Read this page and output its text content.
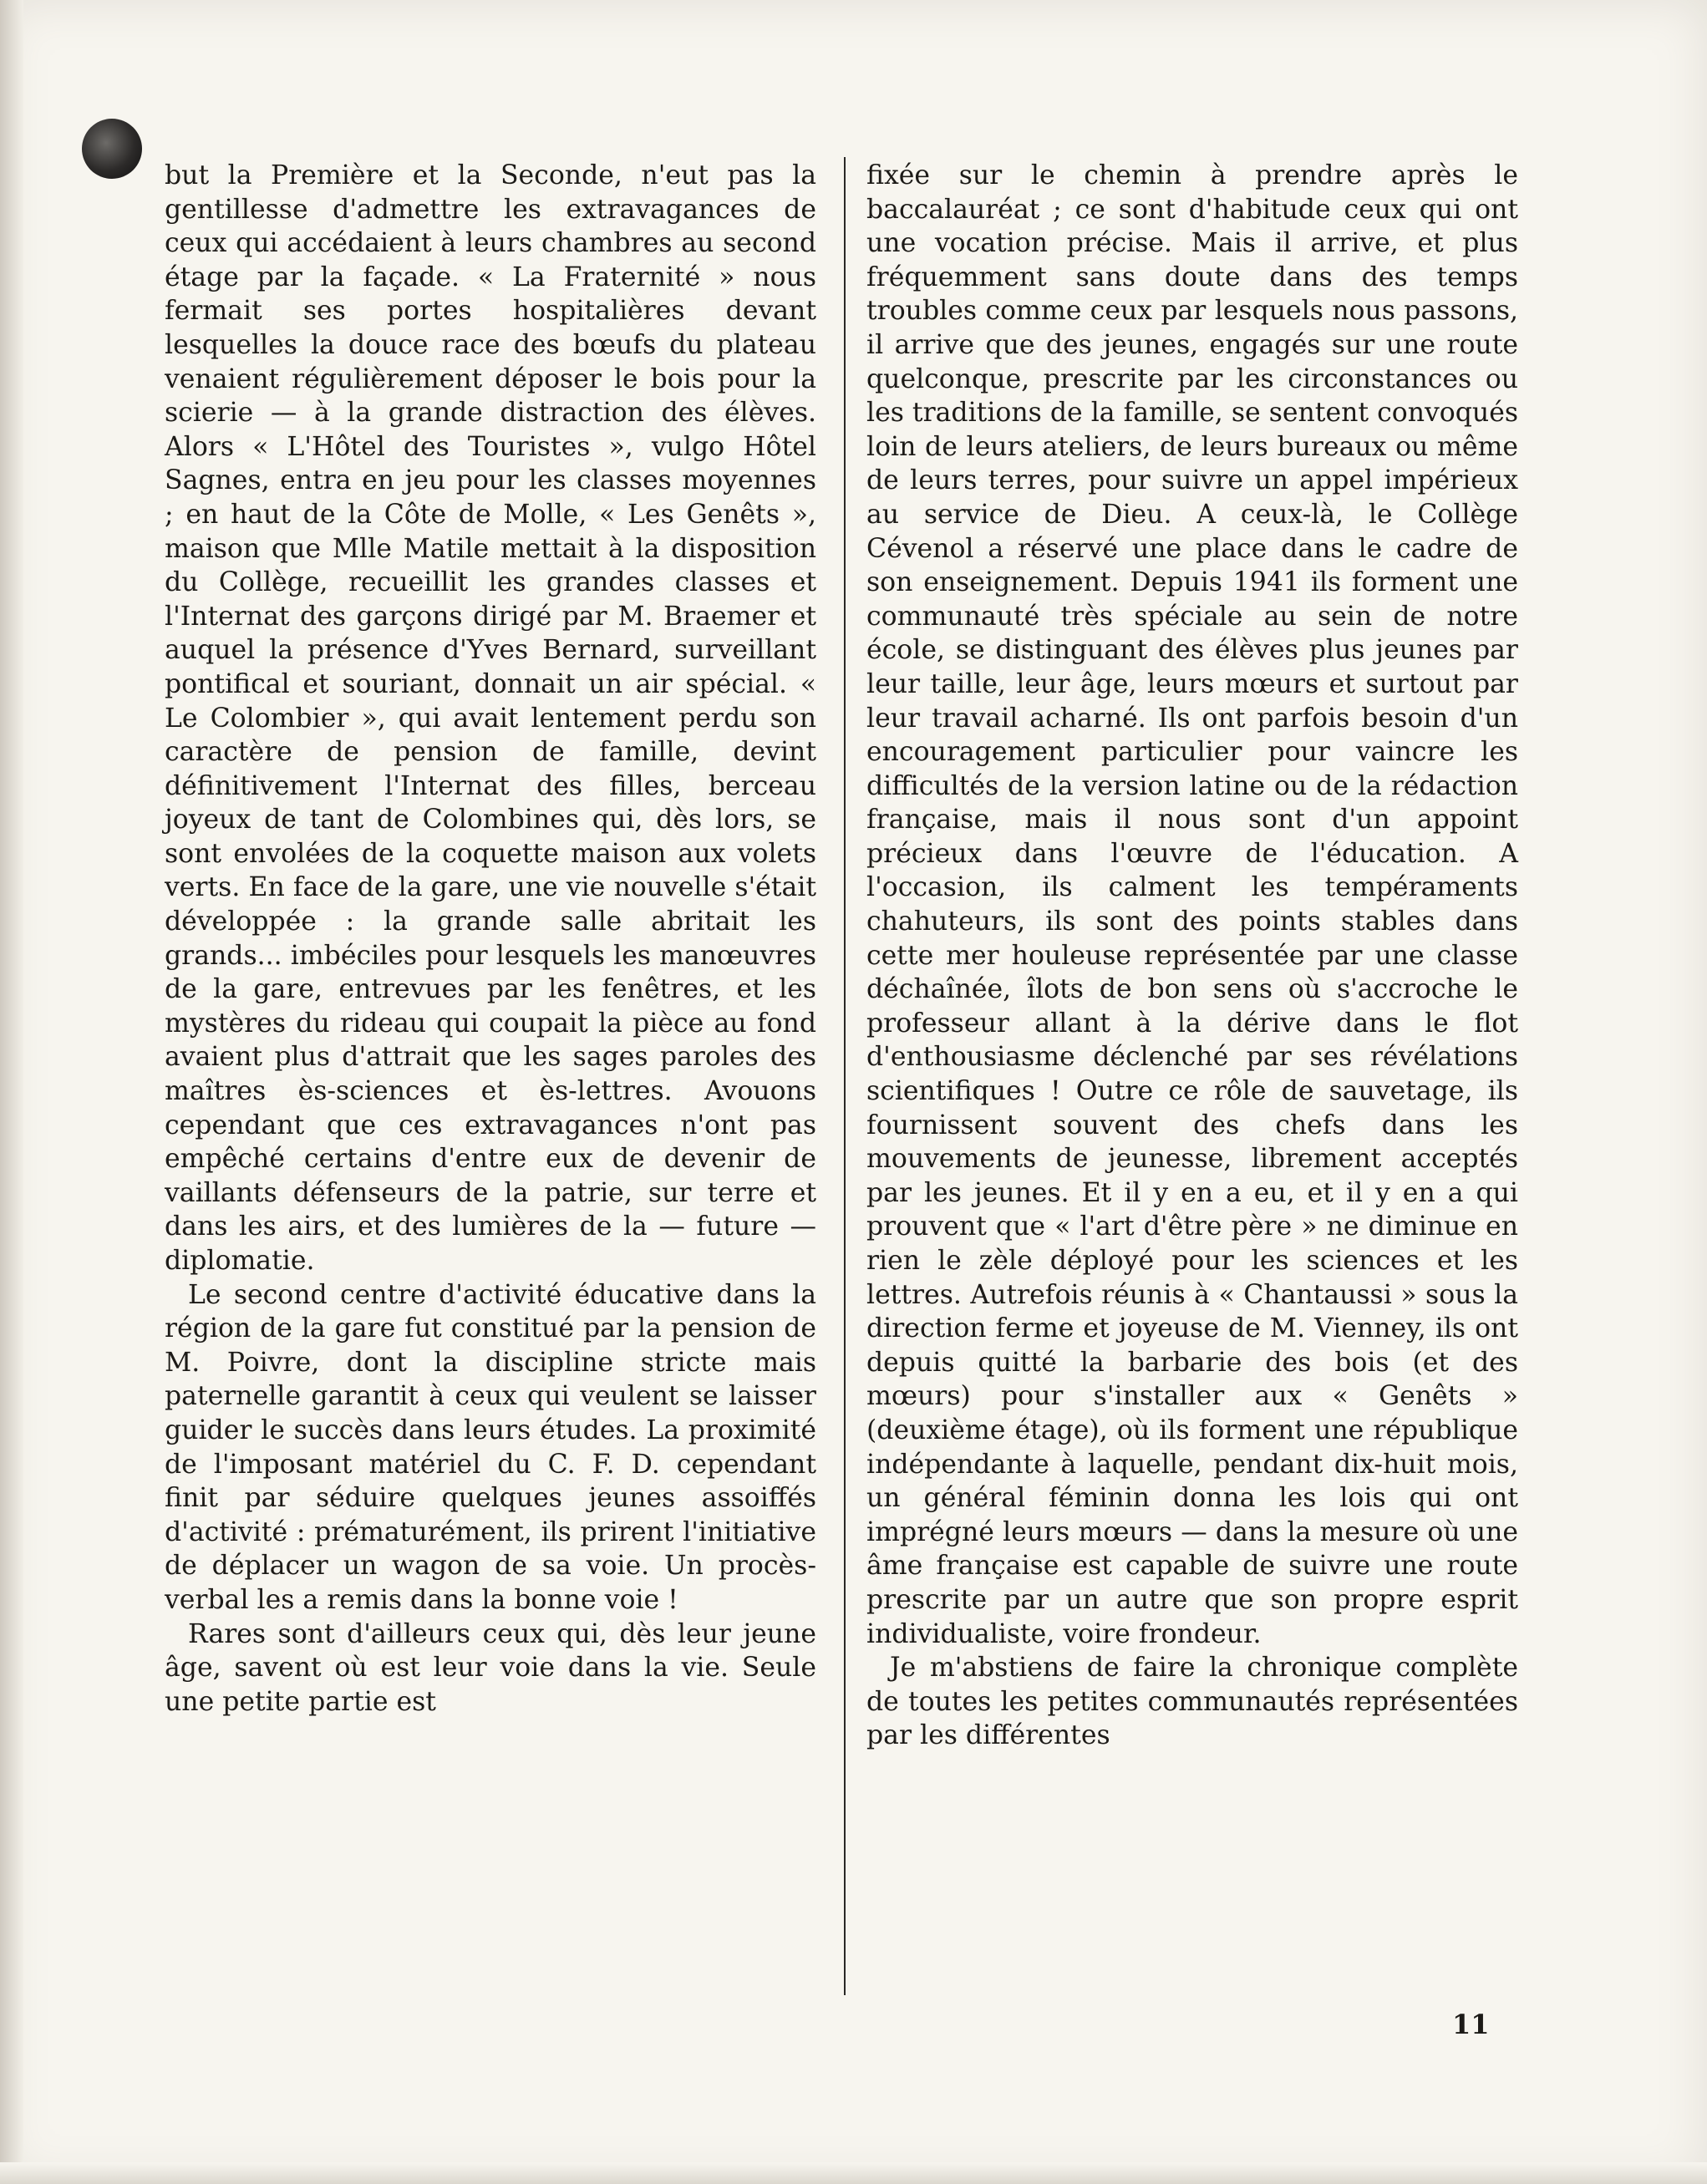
but la Première et la Seconde, n'eut pas la gentillesse d'admettre les extravagances de ceux qui accédaient à leurs chambres au second étage par la façade. « La Fraternité » nous fermait ses portes hospitalières devant lesquelles la douce race des bœufs du plateau venaient régulièrement déposer le bois pour la scierie — à la grande distraction des élèves. Alors « L'Hôtel des Touristes », vulgo Hôtel Sagnes, entra en jeu pour les classes moyennes ; en haut de la Côte de Molle, « Les Genêts », maison que Mlle Matile mettait à la disposition du Collège, recueillit les grandes classes et l'Internat des garçons dirigé par M. Braemer et auquel la présence d'Yves Bernard, surveillant pontifical et souriant, donnait un air spécial. « Le Colombier », qui avait lentement perdu son caractère de pension de famille, devint définitivement l'Internat des filles, berceau joyeux de tant de Colombines qui, dès lors, se sont envolées de la coquette maison aux volets verts. En face de la gare, une vie nouvelle s'était développée : la grande salle abritait les grands... imbéciles pour lesquels les manœuvres de la gare, entrevues par les fenêtres, et les mystères du rideau qui coupait la pièce au fond avaient plus d'attrait que les sages paroles des maîtres ès-sciences et ès-lettres. Avouons cependant que ces extravagances n'ont pas empêché certains d'entre eux de devenir de vaillants défenseurs de la patrie, sur terre et dans les airs, et des lumières de la — future — diplomatie.

Le second centre d'activité éducative dans la région de la gare fut constitué par la pension de M. Poivre, dont la discipline stricte mais paternelle garantit à ceux qui veulent se laisser guider le succès dans leurs études. La proximité de l'imposant matériel du C. F. D. cependant finit par séduire quelques jeunes assoiffés d'activité : prématurément, ils prirent l'initiative de déplacer un wagon de sa voie. Un procès-verbal les a remis dans la bonne voie !

Rares sont d'ailleurs ceux qui, dès leur jeune âge, savent où est leur voie dans la vie. Seule une petite partie est

fixée sur le chemin à prendre après le baccalauréat ; ce sont d'habitude ceux qui ont une vocation précise. Mais il arrive, et plus fréquemment sans doute dans des temps troubles comme ceux par lesquels nous passons, il arrive que des jeunes, engagés sur une route quelconque, prescrite par les circonstances ou les traditions de la famille, se sentent convoqués loin de leurs ateliers, de leurs bureaux ou même de leurs terres, pour suivre un appel impérieux au service de Dieu. A ceux-là, le Collège Cévenol a réservé une place dans le cadre de son enseignement. Depuis 1941 ils forment une communauté très spéciale au sein de notre école, se distinguant des élèves plus jeunes par leur taille, leur âge, leurs mœurs et surtout par leur travail acharné. Ils ont parfois besoin d'un encouragement particulier pour vaincre les difficultés de la version latine ou de la rédaction française, mais il nous sont d'un appoint précieux dans l'œuvre de l'éducation. A l'occasion, ils calment les tempéraments chahuteurs, ils sont des points stables dans cette mer houleuse représentée par une classe déchaînée, îlots de bon sens où s'accroche le professeur allant à la dérive dans le flot d'enthousiasme déclenché par ses révélations scientifiques ! Outre ce rôle de sauvetage, ils fournissent souvent des chefs dans les mouvements de jeunesse, librement acceptés par les jeunes. Et il y en a eu, et il y en a qui prouvent que « l'art d'être père » ne diminue en rien le zèle déployé pour les sciences et les lettres. Autrefois réunis à « Chantaussi » sous la direction ferme et joyeuse de M. Vienney, ils ont depuis quitté la barbarie des bois (et des mœurs) pour s'installer aux « Genêts » (deuxième étage), où ils forment une république indépendante à laquelle, pendant dix-huit mois, un général féminin donna les lois qui ont imprégné leurs mœurs — dans la mesure où une âme française est capable de suivre une route prescrite par un autre que son propre esprit individualiste, voire frondeur.

Je m'abstiens de faire la chronique complète de toutes les petites communautés représentées par les différentes

11
